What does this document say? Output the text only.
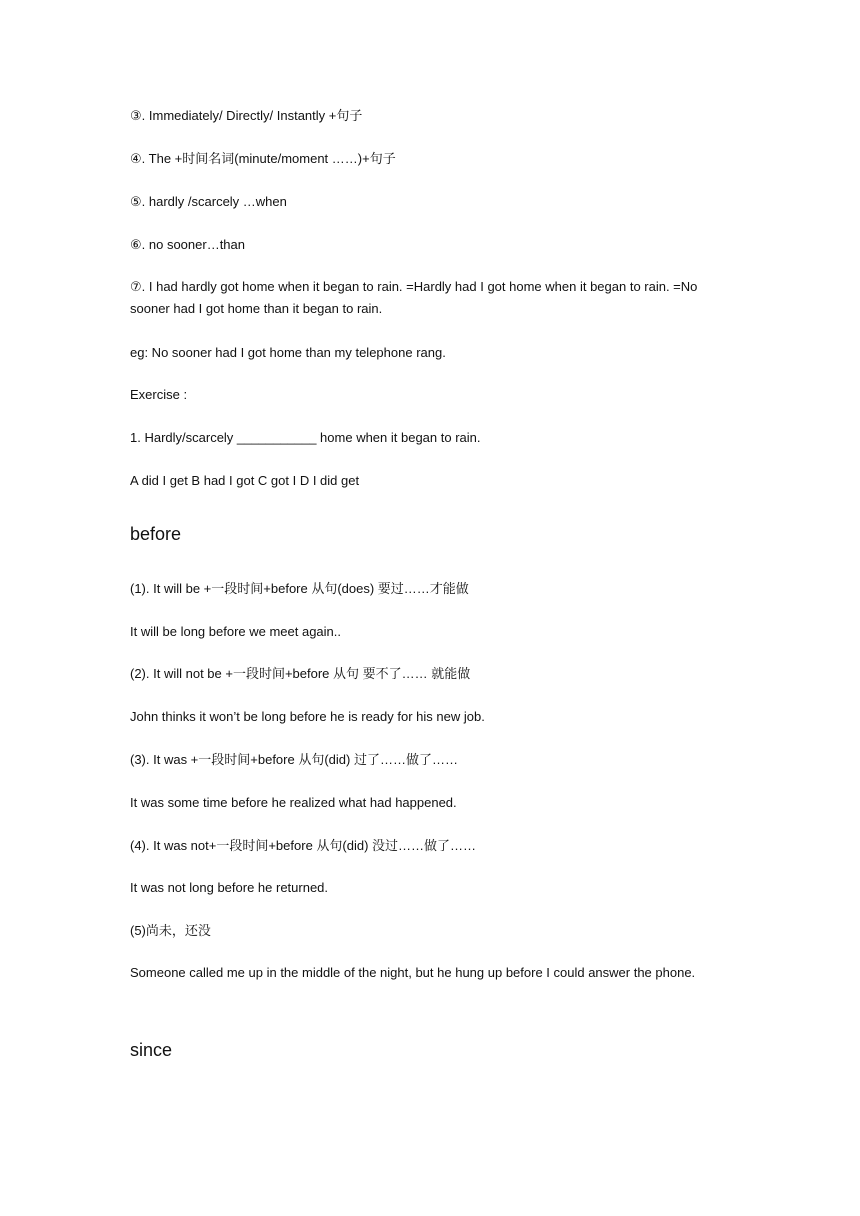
③. Immediately/ Directly/ Instantly +句子
④. The +时间名词(minute/moment ……)+句子
⑤. hardly /scarcely …when
⑥. no sooner…than
⑦. I had hardly got home when it began to rain. =Hardly had I got home when it began to rain. =No sooner had I got home than it began to rain.
eg: No sooner had I got home than my telephone rang.
Exercise :
1. Hardly/scarcely ___________ home when it began to rain.
A did I get B had I got C got I D I did get
before
(1). It will be +一段时间+before 从句(does) 要过……才能做
It will be long before we meet again..
(2). It will not be +一段时间+before 从句 要不了…… 就能做
John thinks it won’t be long before he is ready for his new job.
(3). It was +一段时间+before 从句(did) 过了……做了……
It was some time before he realized what had happened.
(4). It was not+一段时间+before 从句(did) 没过……做了……
It was not long before he returned.
(5)尚未，还没
Someone called me up in the middle of the night, but he hung up before I could answer the phone.
since
